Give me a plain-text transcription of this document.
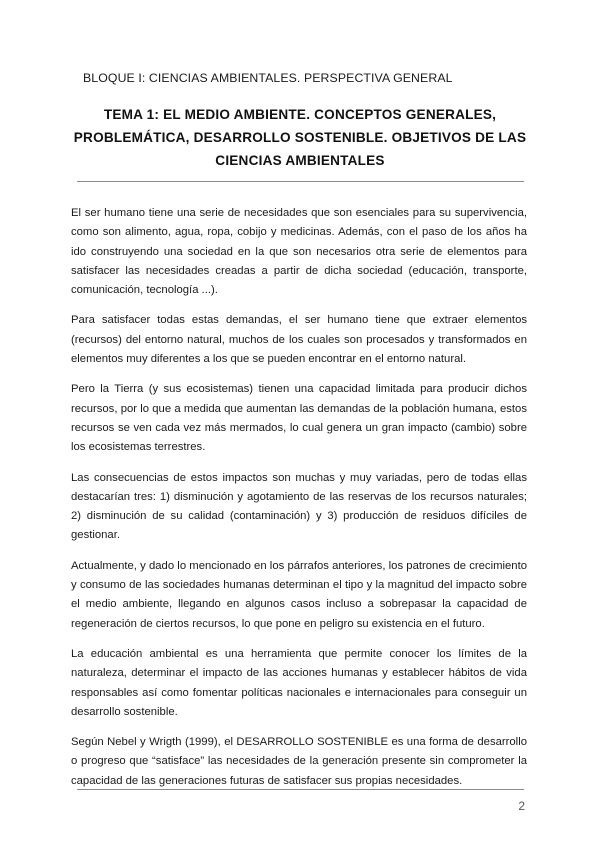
BLOQUE I: CIENCIAS AMBIENTALES. PERSPECTIVA GENERAL
TEMA 1: EL MEDIO AMBIENTE. CONCEPTOS GENERALES, PROBLEMÁTICA, DESARROLLO SOSTENIBLE. OBJETIVOS DE LAS CIENCIAS AMBIENTALES

El ser humano tiene una serie de necesidades que son esenciales para su supervivencia, como son alimento, agua, ropa, cobijo y medicinas. Además, con el paso de los años ha ido construyendo una sociedad en la que son necesarios otra serie de elementos para satisfacer las necesidades creadas a partir de dicha sociedad (educación, transporte, comunicación, tecnología ...).

Para satisfacer todas estas demandas, el ser humano tiene que extraer elementos (recursos) del entorno natural, muchos de los cuales son procesados y transformados en elementos muy diferentes a los que se pueden encontrar en el entorno natural.

Pero la Tierra (y sus ecosistemas) tienen una capacidad limitada para producir dichos recursos, por lo que a medida que aumentan las demandas de la población humana, estos recursos se ven cada vez más mermados, lo cual genera un gran impacto (cambio) sobre los ecosistemas terrestres.

Las consecuencias de estos impactos son muchas y muy variadas, pero de todas ellas destacarían tres: 1) disminución y agotamiento de las reservas de los recursos naturales; 2) disminución de su calidad (contaminación) y 3) producción de residuos difíciles de gestionar.

Actualmente, y dado lo mencionado en los párrafos anteriores, los patrones de crecimiento y consumo de las sociedades humanas determinan el tipo y la magnitud del impacto sobre el medio ambiente, llegando en algunos casos incluso a sobrepasar la capacidad de regeneración de ciertos recursos, lo que pone en peligro su existencia en el futuro.

La educación ambiental es una herramienta que permite conocer los límites de la naturaleza, determinar el impacto de las acciones humanas y establecer hábitos de vida responsables así como fomentar políticas nacionales e internacionales para conseguir un desarrollo sostenible.

Según Nebel y Wrigth (1999), el DESARROLLO SOSTENIBLE es una forma de desarrollo o progreso que “satisface” las necesidades de la generación presente sin comprometer la capacidad de las generaciones futuras de satisfacer sus propias necesidades.

2
